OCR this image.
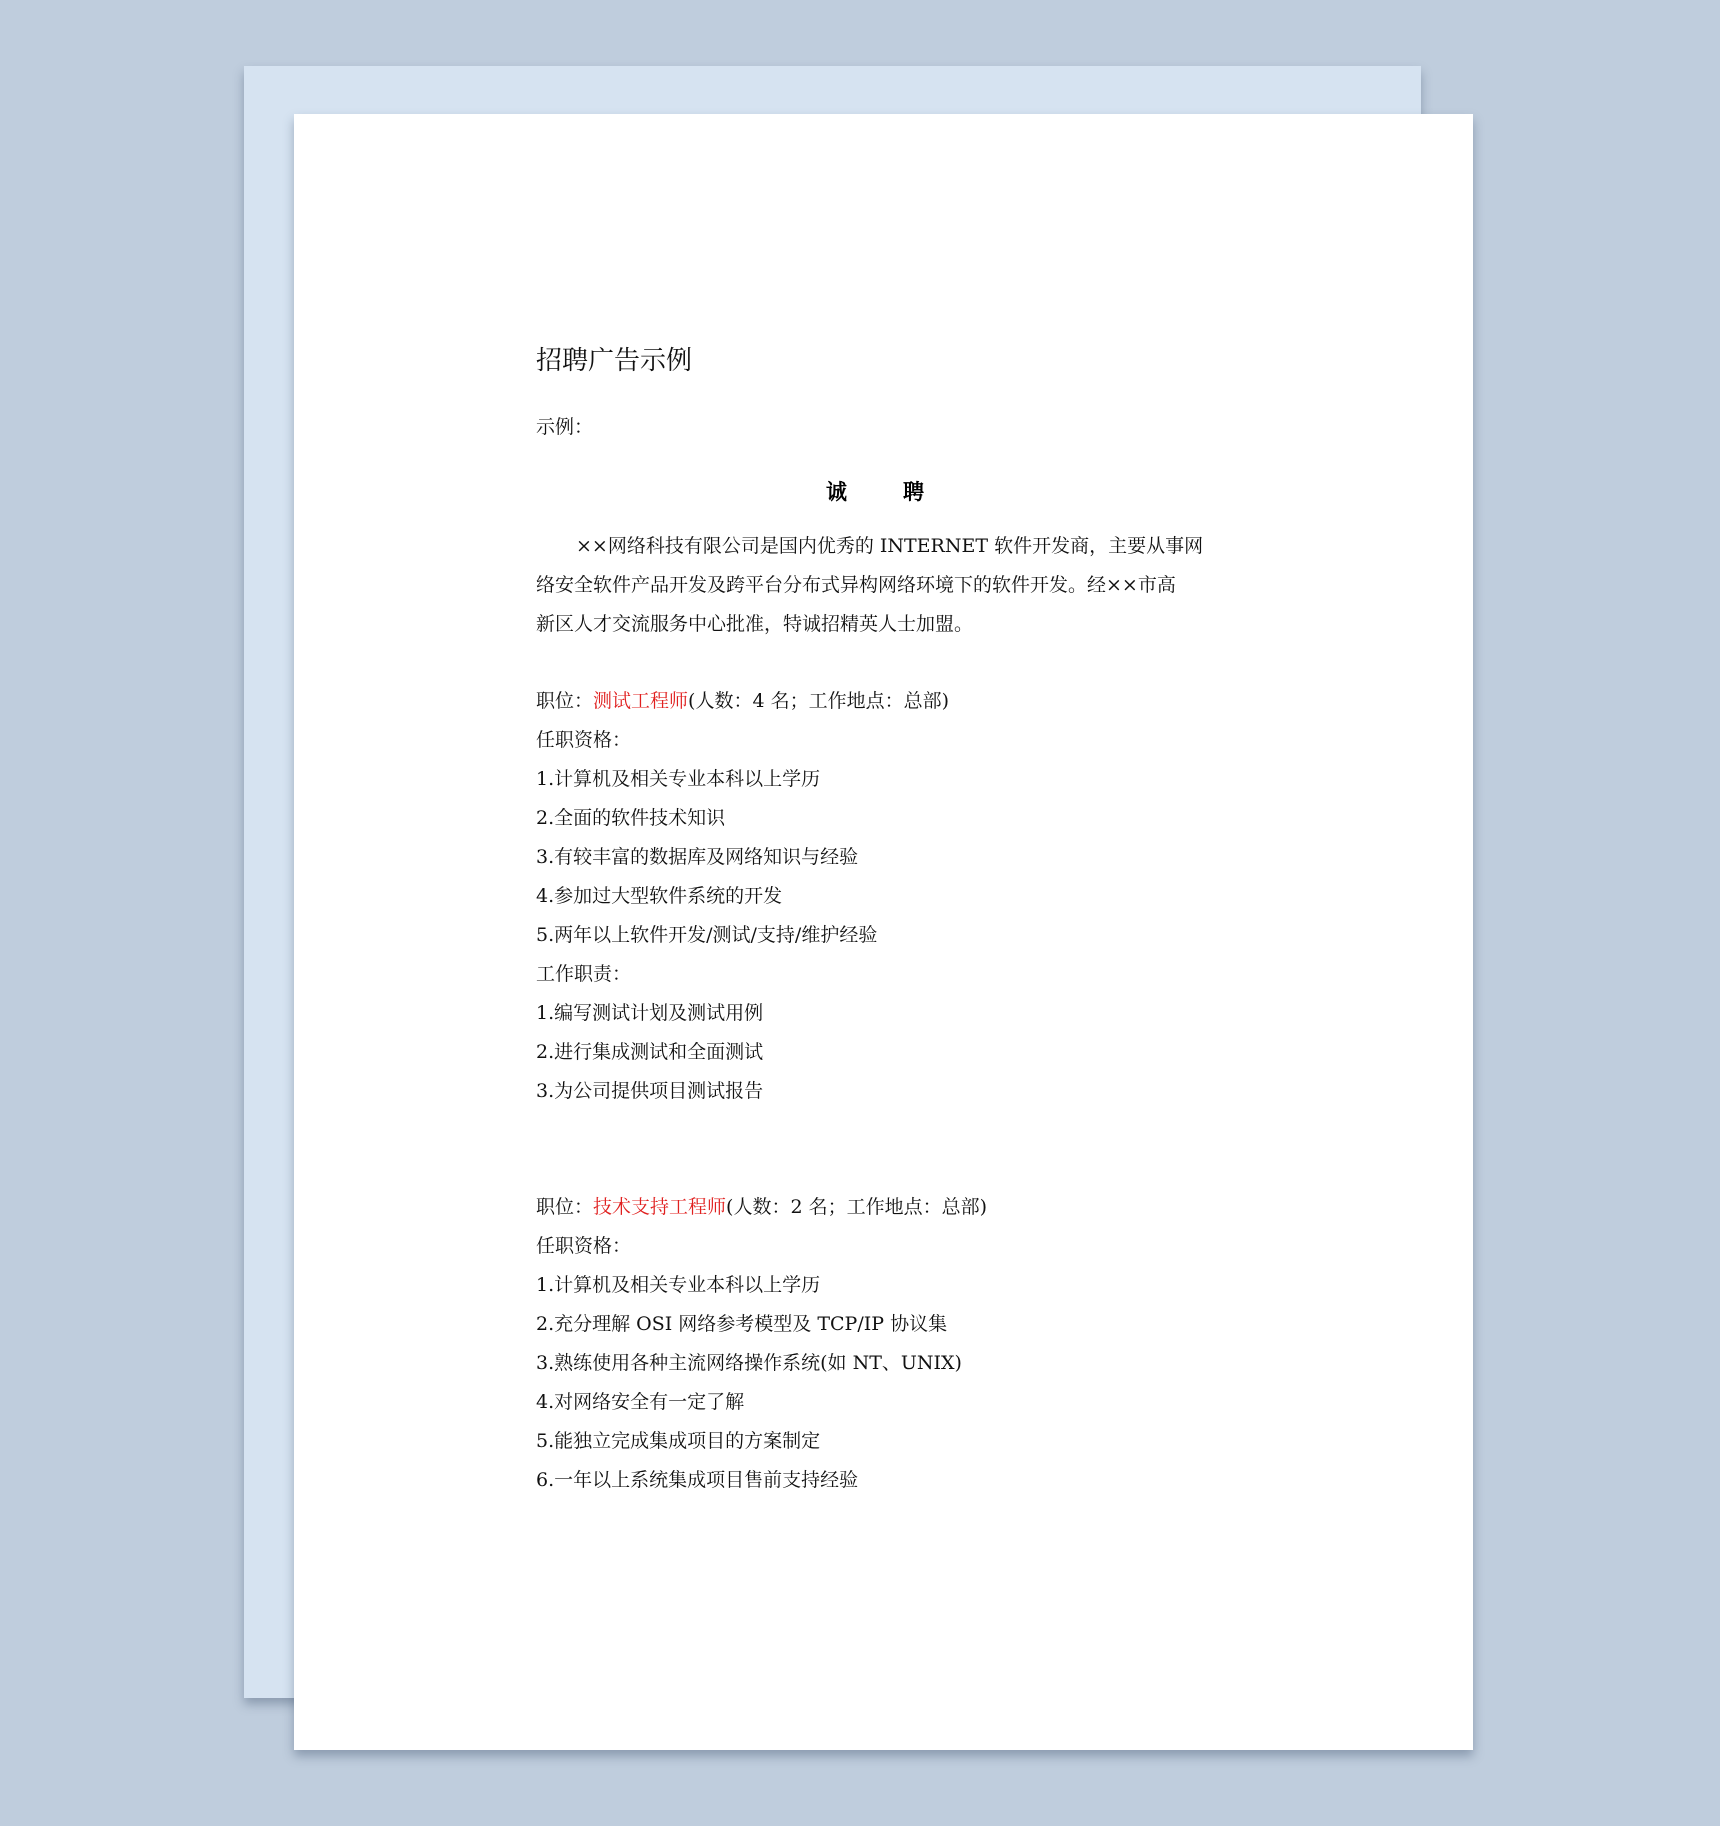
招聘广告示例
示例：
诚聘
××网络科技有限公司是国内优秀的 INTERNET 软件开发商，主要从事网
络安全软件产品开发及跨平台分布式异构网络环境下的软件开发。经××市高
新区人才交流服务中心批准，特诚招精英人士加盟。
职位：测试工程师(人数：4 名；工作地点：总部)
任职资格：
1.计算机及相关专业本科以上学历
2.全面的软件技术知识
3.有较丰富的数据库及网络知识与经验
4.参加过大型软件系统的开发
5.两年以上软件开发/测试/支持/维护经验
工作职责：
1.编写测试计划及测试用例
2.进行集成测试和全面测试
3.为公司提供项目测试报告
职位：技术支持工程师(人数：2 名；工作地点：总部)
任职资格：
1.计算机及相关专业本科以上学历
2.充分理解 OSI 网络参考模型及 TCP/IP 协议集
3.熟练使用各种主流网络操作系统(如 NT、UNIX)
4.对网络安全有一定了解
5.能独立完成集成项目的方案制定
6.一年以上系统集成项目售前支持经验
